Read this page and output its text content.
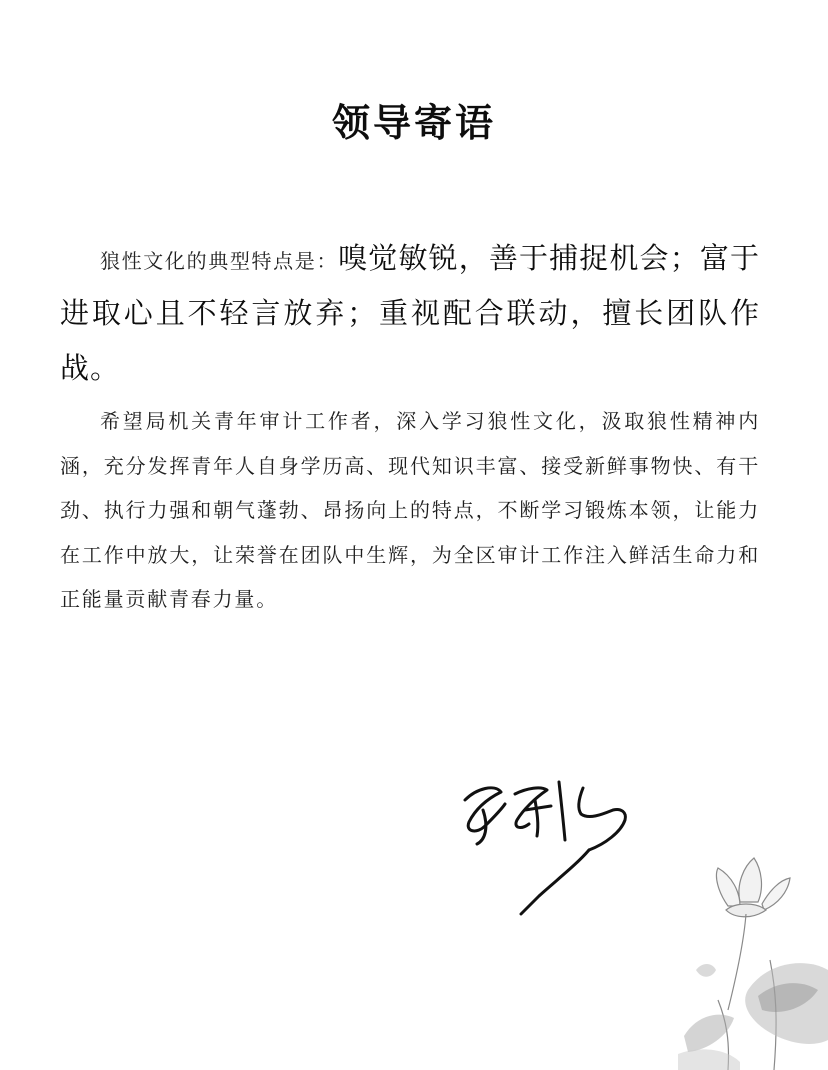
领导寄语

狼性文化的典型特点是：嗅觉敏锐，善于捕捉机会；富于进取心且不轻言放弃；重视配合联动，擅长团队作战。

希望局机关青年审计工作者，深入学习狼性文化，汲取狼性精神内涵，充分发挥青年人自身学历高、现代知识丰富、接受新鲜事物快、有干劲、执行力强和朝气蓬勃、昂扬向上的特点，不断学习锻炼本领，让能力在工作中放大，让荣誉在团队中生辉，为全区审计工作注入鲜活生命力和正能量贡献青春力量。
